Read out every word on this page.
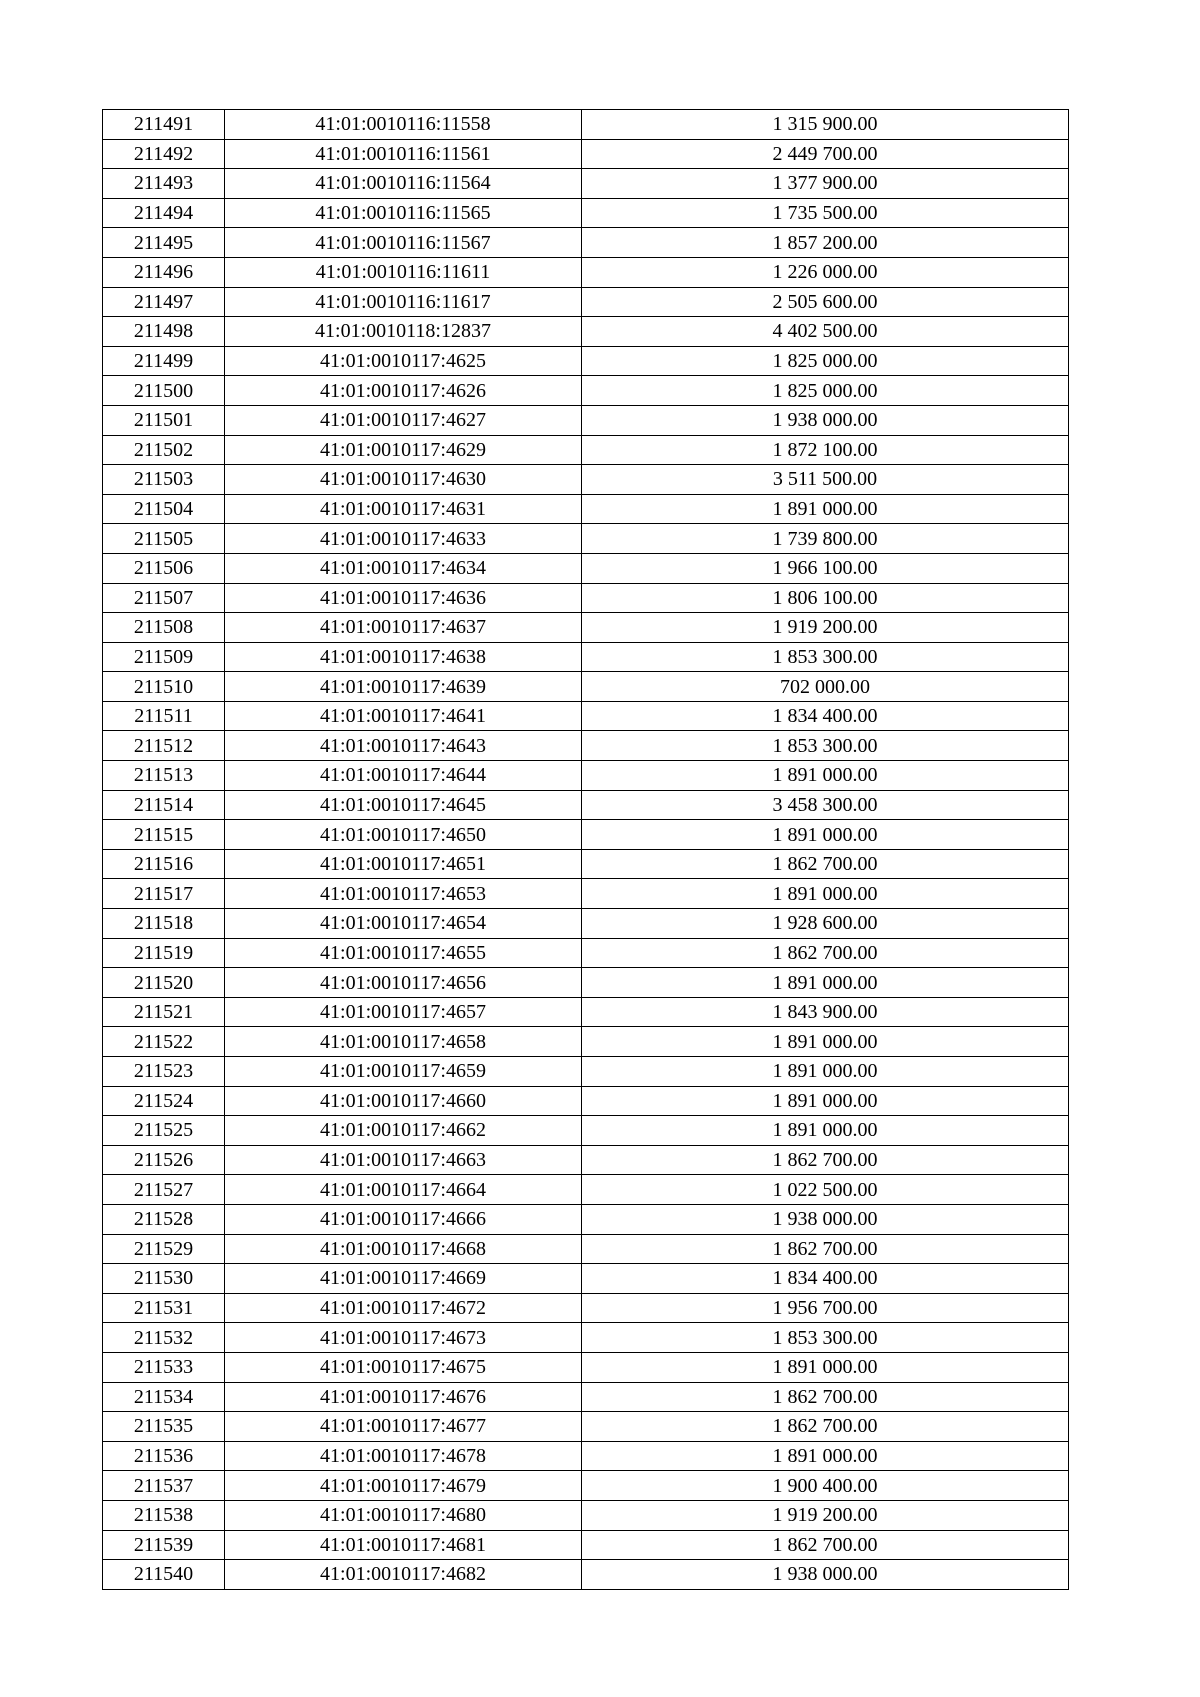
211491	41:01:0010116:11558	1 315 900.00
211492	41:01:0010116:11561	2 449 700.00
211493	41:01:0010116:11564	1 377 900.00
211494	41:01:0010116:11565	1 735 500.00
211495	41:01:0010116:11567	1 857 200.00
211496	41:01:0010116:11611	1 226 000.00
211497	41:01:0010116:11617	2 505 600.00
211498	41:01:0010118:12837	4 402 500.00
211499	41:01:0010117:4625	1 825 000.00
211500	41:01:0010117:4626	1 825 000.00
211501	41:01:0010117:4627	1 938 000.00
211502	41:01:0010117:4629	1 872 100.00
211503	41:01:0010117:4630	3 511 500.00
211504	41:01:0010117:4631	1 891 000.00
211505	41:01:0010117:4633	1 739 800.00
211506	41:01:0010117:4634	1 966 100.00
211507	41:01:0010117:4636	1 806 100.00
211508	41:01:0010117:4637	1 919 200.00
211509	41:01:0010117:4638	1 853 300.00
211510	41:01:0010117:4639	702 000.00
211511	41:01:0010117:4641	1 834 400.00
211512	41:01:0010117:4643	1 853 300.00
211513	41:01:0010117:4644	1 891 000.00
211514	41:01:0010117:4645	3 458 300.00
211515	41:01:0010117:4650	1 891 000.00
211516	41:01:0010117:4651	1 862 700.00
211517	41:01:0010117:4653	1 891 000.00
211518	41:01:0010117:4654	1 928 600.00
211519	41:01:0010117:4655	1 862 700.00
211520	41:01:0010117:4656	1 891 000.00
211521	41:01:0010117:4657	1 843 900.00
211522	41:01:0010117:4658	1 891 000.00
211523	41:01:0010117:4659	1 891 000.00
211524	41:01:0010117:4660	1 891 000.00
211525	41:01:0010117:4662	1 891 000.00
211526	41:01:0010117:4663	1 862 700.00
211527	41:01:0010117:4664	1 022 500.00
211528	41:01:0010117:4666	1 938 000.00
211529	41:01:0010117:4668	1 862 700.00
211530	41:01:0010117:4669	1 834 400.00
211531	41:01:0010117:4672	1 956 700.00
211532	41:01:0010117:4673	1 853 300.00
211533	41:01:0010117:4675	1 891 000.00
211534	41:01:0010117:4676	1 862 700.00
211535	41:01:0010117:4677	1 862 700.00
211536	41:01:0010117:4678	1 891 000.00
211537	41:01:0010117:4679	1 900 400.00
211538	41:01:0010117:4680	1 919 200.00
211539	41:01:0010117:4681	1 862 700.00
211540	41:01:0010117:4682	1 938 000.00
